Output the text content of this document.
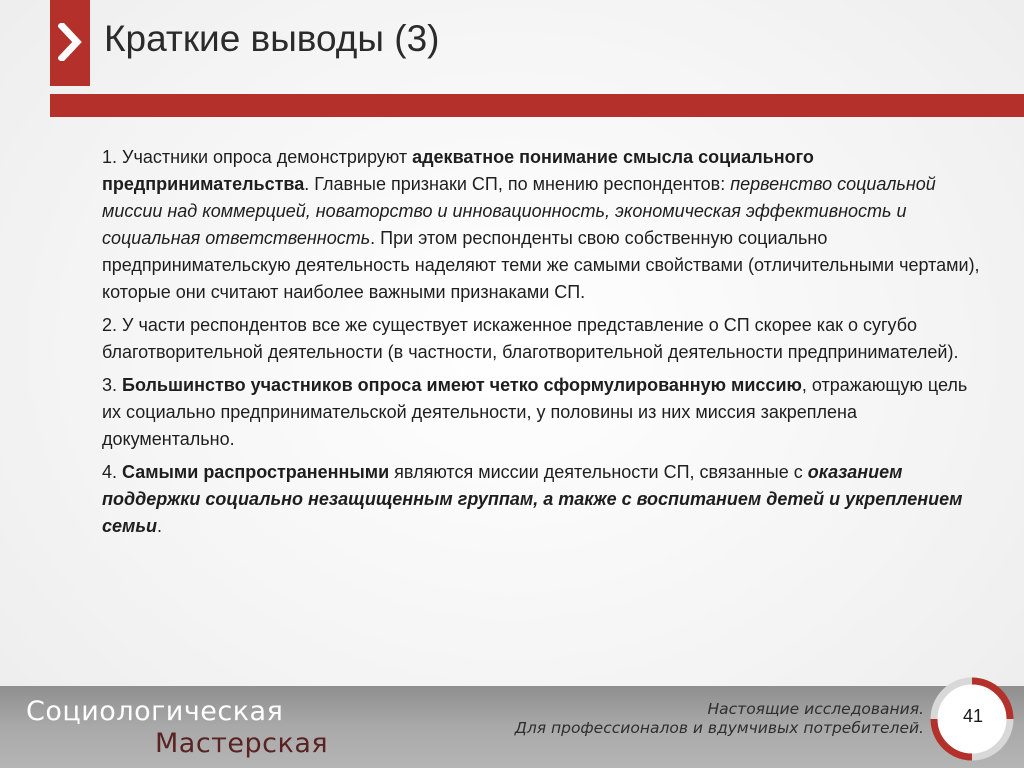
Краткие выводы (3)

1. Участники опроса демонстрируют адекватное понимание смысла социального предпринимательства. Главные признаки СП, по мнению респондентов: первенство социальной миссии над коммерцией, новаторство и инновационность, экономическая эффективность и социальная ответственность. При этом респонденты свою собственную социально предпринимательскую деятельность наделяют теми же самыми свойствами (отличительными чертами), которые они считают наиболее важными признаками СП.

2. У части респондентов все же существует искаженное представление о СП скорее как о сугубо благотворительной деятельности (в частности, благотворительной деятельности предпринимателей).

3. Большинство участников опроса имеют четко сформулированную миссию, отражающую цель их социально предпринимательской деятельности, у половины из них миссия закреплена документально.

4. Самыми распространенными являются миссии деятельности СП, связанные с оказанием поддержки социально незащищенным группам, а также с воспитанием детей и укреплением семьи.

Социологическая
Мастерская
Настоящие исследования.
Для профессионалов и вдумчивых потребителей.
41
